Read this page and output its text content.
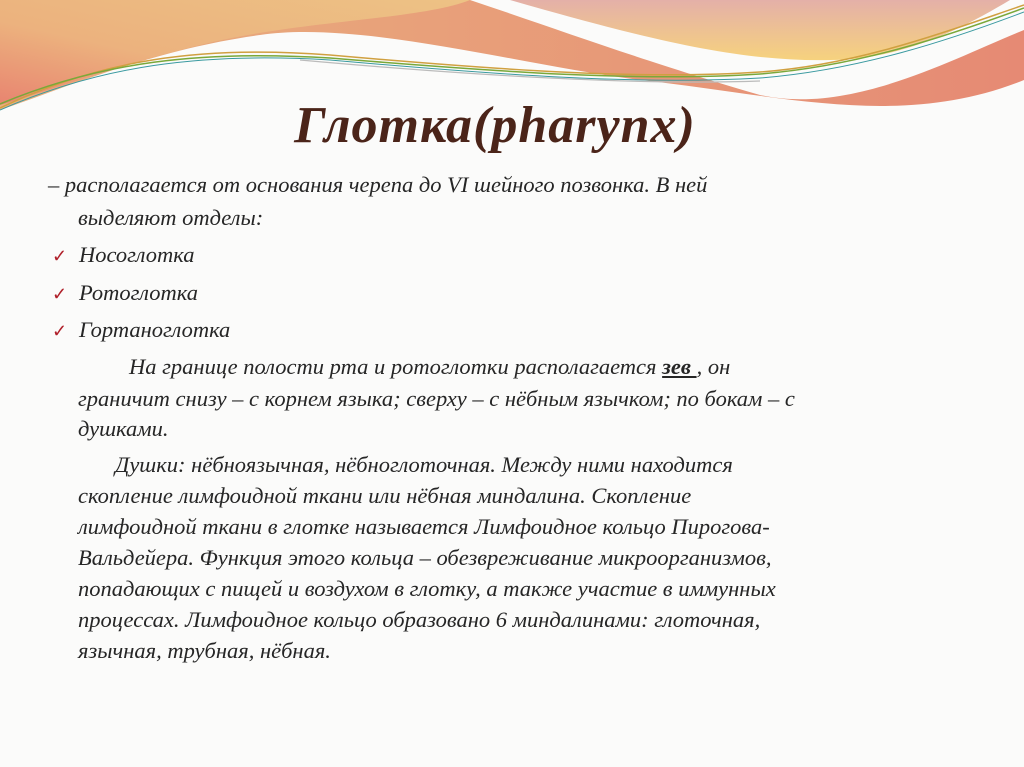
Глотка(pharynx)
– располагается от основания черепа до VI шейного позвонка. В ней
выделяют отделы:
✓ Носоглотка
✓ Ротоглотка
✓ Гортаноглотка
На границе полости рта и ротоглотки располагается зев , он
граничит снизу – с корнем языка; сверху – с нёбным язычком; по бокам – с
душками.
Душки: нёбноязычная, нёбноглоточная. Между ними находится
скопление лимфоидной ткани или нёбная миндалина. Скопление
лимфоидной ткани в глотке называется Лимфоидное кольцо Пирогова-
Вальдейера. Функция этого кольца – обезвреживание микроорганизмов,
попадающих с пищей и воздухом в глотку, а также участие в иммунных
процессах. Лимфоидное кольцо образовано 6 миндалинами: глоточная,
язычная, трубная, нёбная.
